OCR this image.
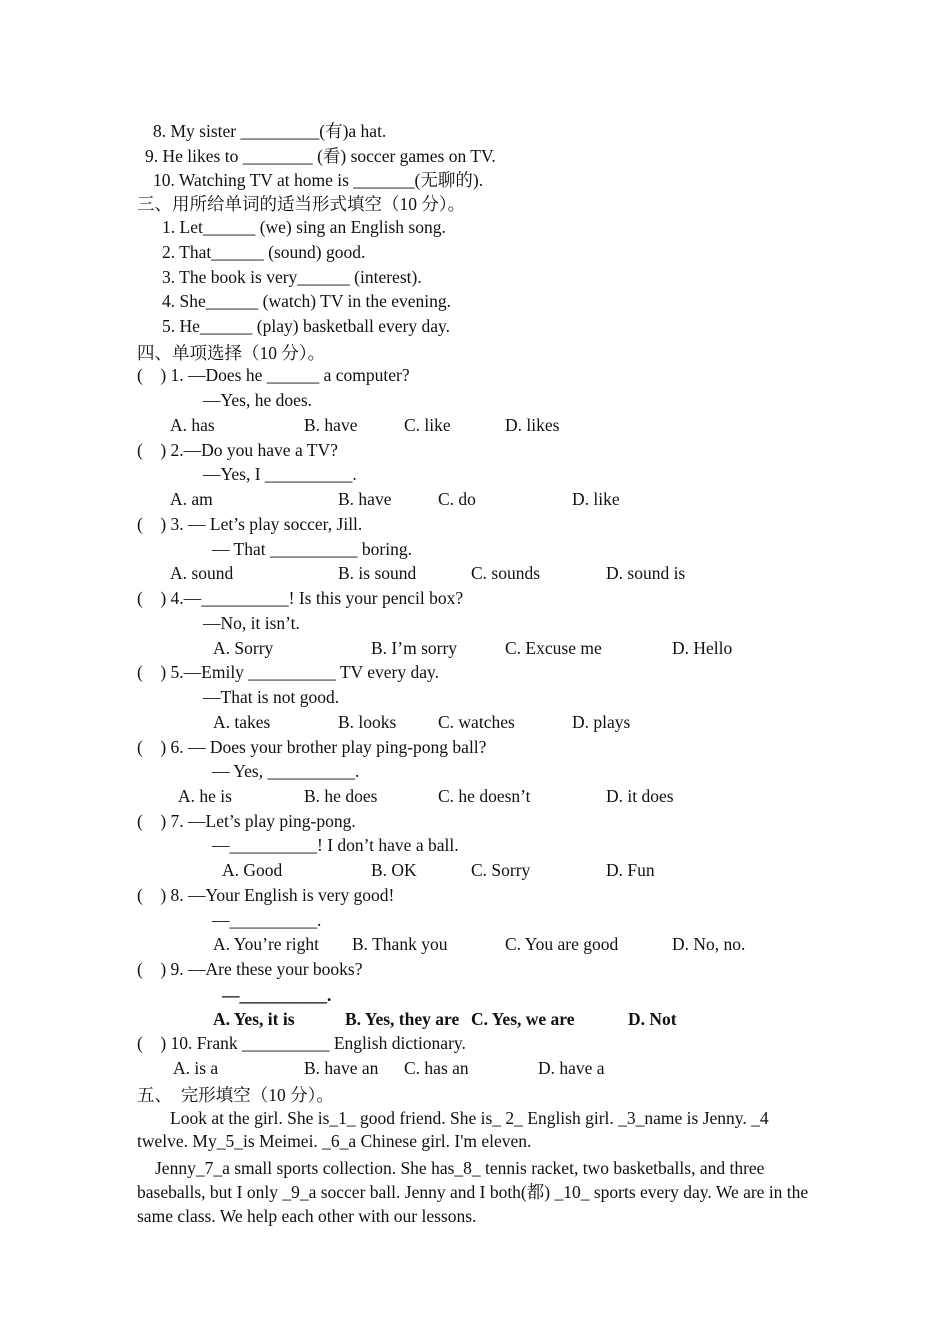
8. My sister _________(有)a hat.
9. He likes to ________ (看) soccer games on TV.
10. Watching TV at home is _______(无聊的).
三、用所给单词的适当形式填空（10 分）。
1. Let______ (we) sing an English song.
2. That______ (sound) good.
3. The book is very______ (interest).
4. She______ (watch) TV in the evening.
5. He______ (play) basketball every day.
四、单项选择（10 分）。
(    ) 1. —Does he ______ a computer?
—Yes, he does.
A. has	B. have	C. like	D. likes
(    ) 2.—Do you have a TV?
—Yes, I __________.
A. am	B. have	C. do	D. like
(    ) 3. — Let’s play soccer, Jill.
— That __________ boring.
A. sound	B. is sound	C. sounds	D. sound is
(    ) 4.—__________! Is this your pencil box?
—No, it isn’t.
A. Sorry	B. I’m sorry	C. Excuse me	D. Hello
(    ) 5.—Emily __________ TV every day.
—That is not good.
A. takes	B. looks C. watches	D. plays
(    ) 6. — Does your brother play ping-pong ball?
— Yes, __________.
A. he is	B. he does	C. he doesn’t	D. it does
(    ) 7. —Let’s play ping-pong.
—__________! I don’t have a ball.
A. Good	B. OK	C. Sorry	D. Fun
(    ) 8. —Your English is very good!
—__________.
A. You’re right B. Thank you	C. You are good	D. No, no.
(    ) 9. —Are these your books?
—__________.
A. Yes, it is	B. Yes, they are C. Yes, we are	D. Not
(    ) 10. Frank __________ English dictionary.
A. is a	B. have an C. has an	D. have a
五、  完形填空（10 分）。
Look at the girl. She is_1_ good friend. She is_ 2_ English girl. _3_name is Jenny. _4 twelve. My_5_is Meimei. _6_a Chinese girl. I'm eleven.
Jenny_7_a small sports collection. She has_8_ tennis racket, two basketballs, and three baseballs, but I only _9_a soccer ball. Jenny and I both(都) _10_ sports every day. We are in the same class. We help each other with our lessons.
